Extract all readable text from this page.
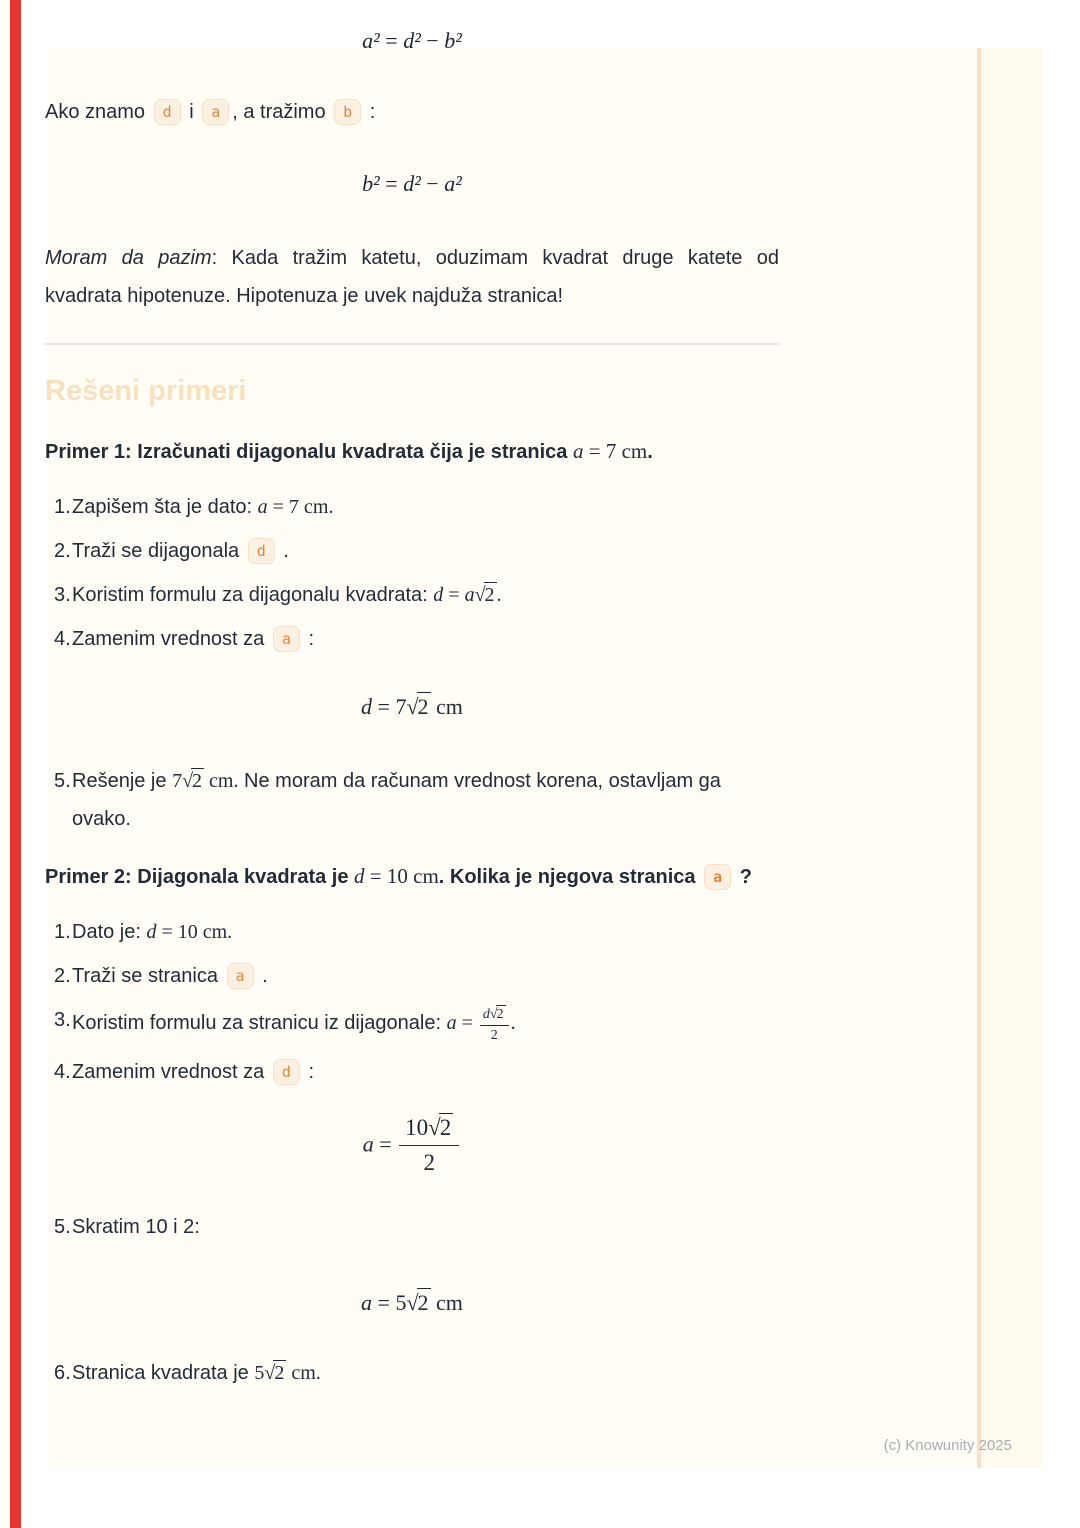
a² = d² − b²
Ako znamo d i a , a tražimo b :
b² = d² − a²
Moram da pazim: Kada tražim katetu, oduzimam kvadrat druge katete od
kvadrata hipotenuze. Hipotenuza je uvek najduža stranica!
Rešeni primeri
Primer 1: Izračunati dijagonalu kvadrata čija je stranica a = 7 cm.
1. Zapišem šta je dato: a = 7 cm.
2. Traži se dijagonala d .
3. Koristim formulu za dijagonalu kvadrata: d = a√2 .
4. Zamenim vrednost za a :
d = 7√2 cm
5. Rešenje je 7√2 cm. Ne moram da računam vrednost korena, ostavljam ga ovako.
Primer 2: Dijagonala kvadrata je d = 10 cm. Kolika je njegova stranica a ?
1. Dato je: d = 10 cm.
2. Traži se stranica a .
3. Koristim formulu za stranicu iz dijagonale: $a = \frac{d√2}{2}$ .
4. Zamenim vrednost za d :
$a = \frac{10√2}{2}$
5. Skratim 10 i 2:
a = 5√2 cm
6. Stranica kvadrata je 5√2 cm.
(c) Knowunity 2025
